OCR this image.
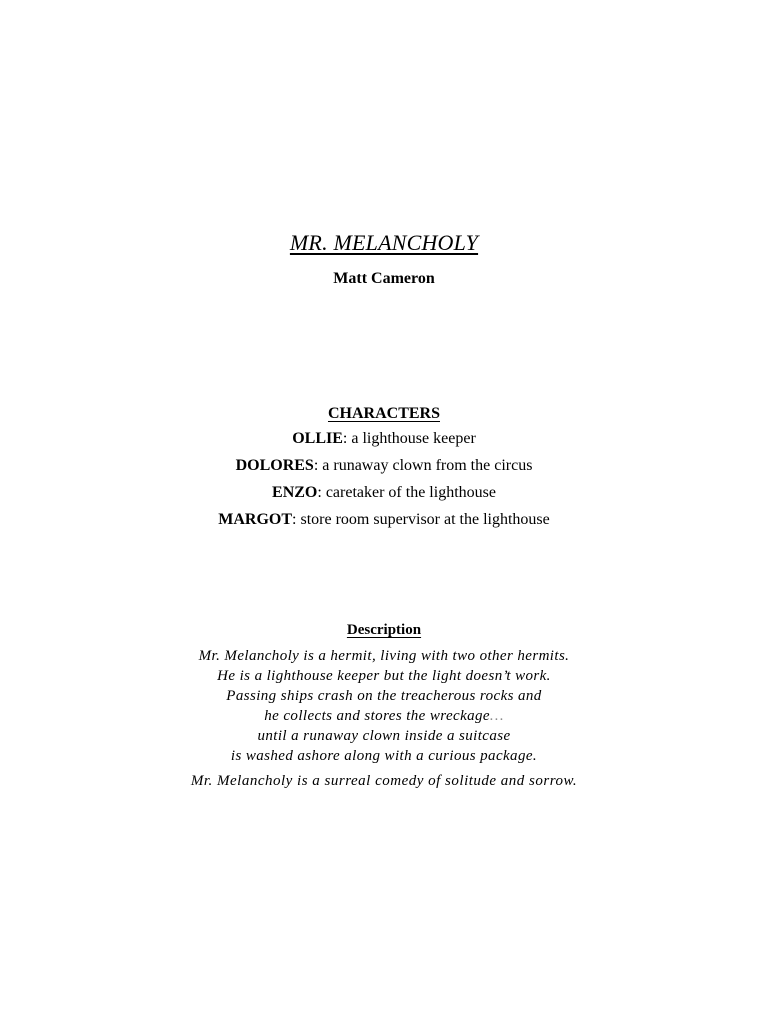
MR. MELANCHOLY
Matt Cameron
CHARACTERS
OLLIE: a lighthouse keeper
DOLORES: a runaway clown from the circus
ENZO: caretaker of the lighthouse
MARGOT: store room supervisor at the lighthouse
Description
Mr. Melancholy is a hermit, living with two other hermits.
He is a lighthouse keeper but the light doesn’t work.
Passing ships crash on the treacherous rocks and
he collects and stores the wreckage…
until a runaway clown inside a suitcase
is washed ashore along with a curious package.
Mr. Melancholy is a surreal comedy of solitude and sorrow.
